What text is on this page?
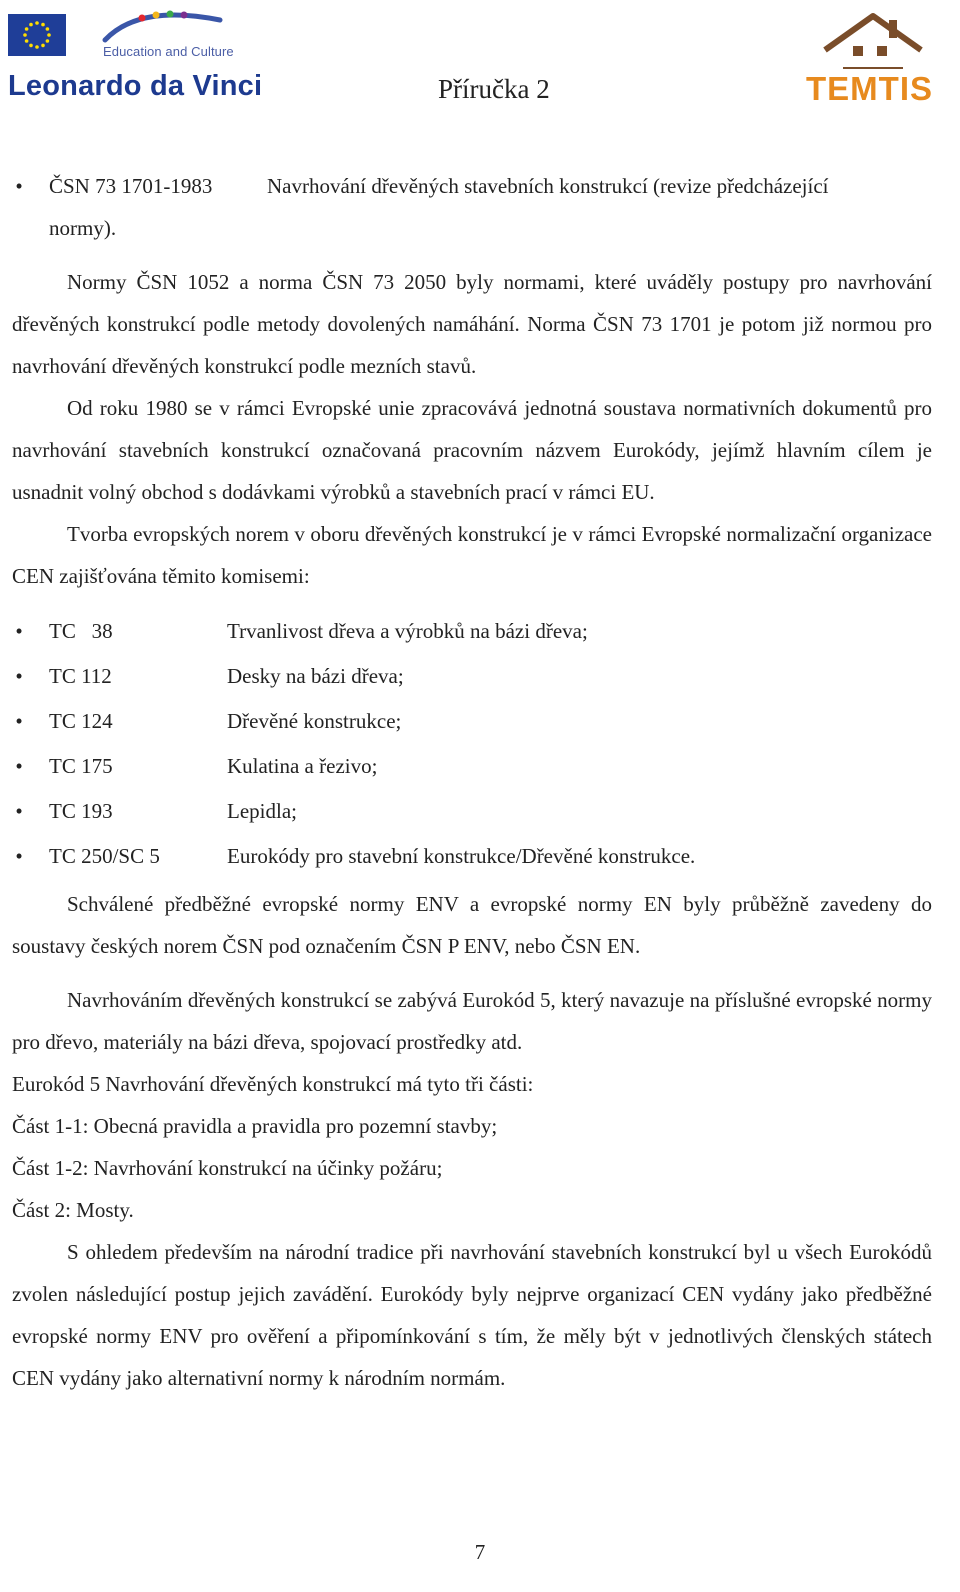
Education and Culture
Leonardo da Vinci	Příručka 2	TEMTIS
• ČSN 73 1701-1983	Navrhování dřevěných stavebních konstrukcí (revize předcházející
normy).

Normy ČSN 1052 a norma ČSN 73 2050 byly normami, které uváděly postupy pro navrhování dřevěných konstrukcí podle metody dovolených namáhání. Norma ČSN 73 1701 je potom již normou pro navrhování dřevěných konstrukcí podle mezních stavů.

Od roku 1980 se v rámci Evropské unie zpracovává jednotná soustava normativních dokumentů pro navrhování stavebních konstrukcí označovaná pracovním názvem Eurokódy, jejímž hlavním cílem je usnadnit volný obchod s dodávkami výrobků a stavebních prací v rámci EU.

Tvorba evropských norem v oboru dřevěných konstrukcí je v rámci Evropské normalizační organizace CEN zajišťována těmito komisemi:

• TC   38	Trvanlivost dřeva a výrobků na bázi dřeva;
• TC 112	Desky na bázi dřeva;
• TC 124	Dřevěné konstrukce;
• TC 175	Kulatina a řezivo;
• TC 193	Lepidla;
• TC 250/SC 5	Eurokódy pro stavební konstrukce/Dřevěné konstrukce.

Schválené předběžné evropské normy ENV a evropské normy EN byly průběžně zavedeny do soustavy českých norem ČSN pod označením ČSN P ENV, nebo ČSN EN.

Navrhováním dřevěných konstrukcí se zabývá Eurokód 5, který navazuje na příslušné evropské normy pro dřevo, materiály na bázi dřeva, spojovací prostředky atd.

Eurokód 5 Navrhování dřevěných konstrukcí má tyto tři části:

Část 1-1: Obecná pravidla a pravidla pro pozemní stavby;

Část 1-2: Navrhování konstrukcí na účinky požáru;

Část 2: Mosty.

S ohledem především na národní tradice při navrhování stavebních konstrukcí byl u všech Eurokódů zvolen následující postup jejich zavádění. Eurokódy byly nejprve organizací CEN vydány jako předběžné evropské normy ENV pro ověření a připomínkování s tím, že měly být v jednotlivých členských státech CEN vydány jako alternativní normy k národním normám.

7
